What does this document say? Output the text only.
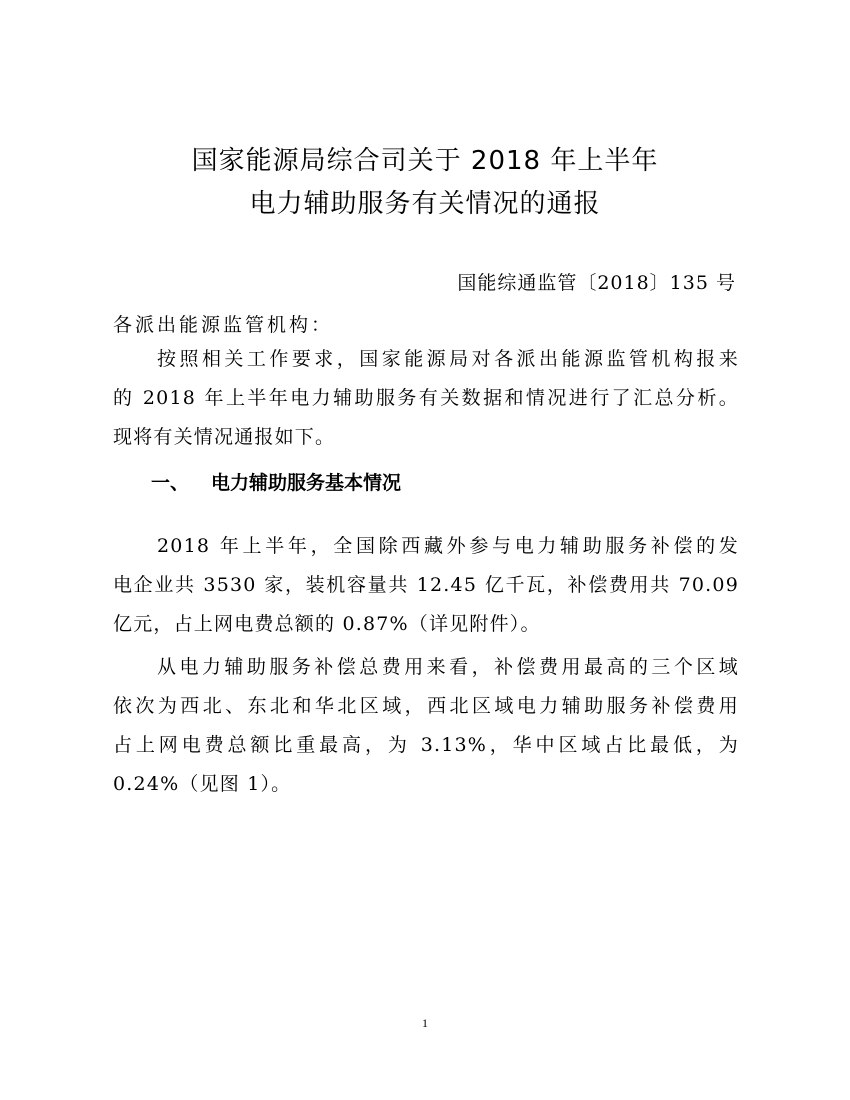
国家能源局综合司关于 2018 年上半年
电力辅助服务有关情况的通报
国能综通监管〔2018〕135 号
各派出能源监管机构：
按照相关工作要求，国家能源局对各派出能源监管机构报来
的 2018 年上半年电力辅助服务有关数据和情况进行了汇总分析。
现将有关情况通报如下。
一、 电力辅助服务基本情况
2018 年上半年，全国除西藏外参与电力辅助服务补偿的发
电企业共 3530 家，装机容量共 12.45 亿千瓦，补偿费用共 70.09
亿元，占上网电费总额的 0.87%（详见附件）。
从电力辅助服务补偿总费用来看，补偿费用最高的三个区域
依次为西北、东北和华北区域，西北区域电力辅助服务补偿费用
占上网电费总额比重最高，为 3.13%，华中区域占比最低，为
0.24%（见图 1）。
1
